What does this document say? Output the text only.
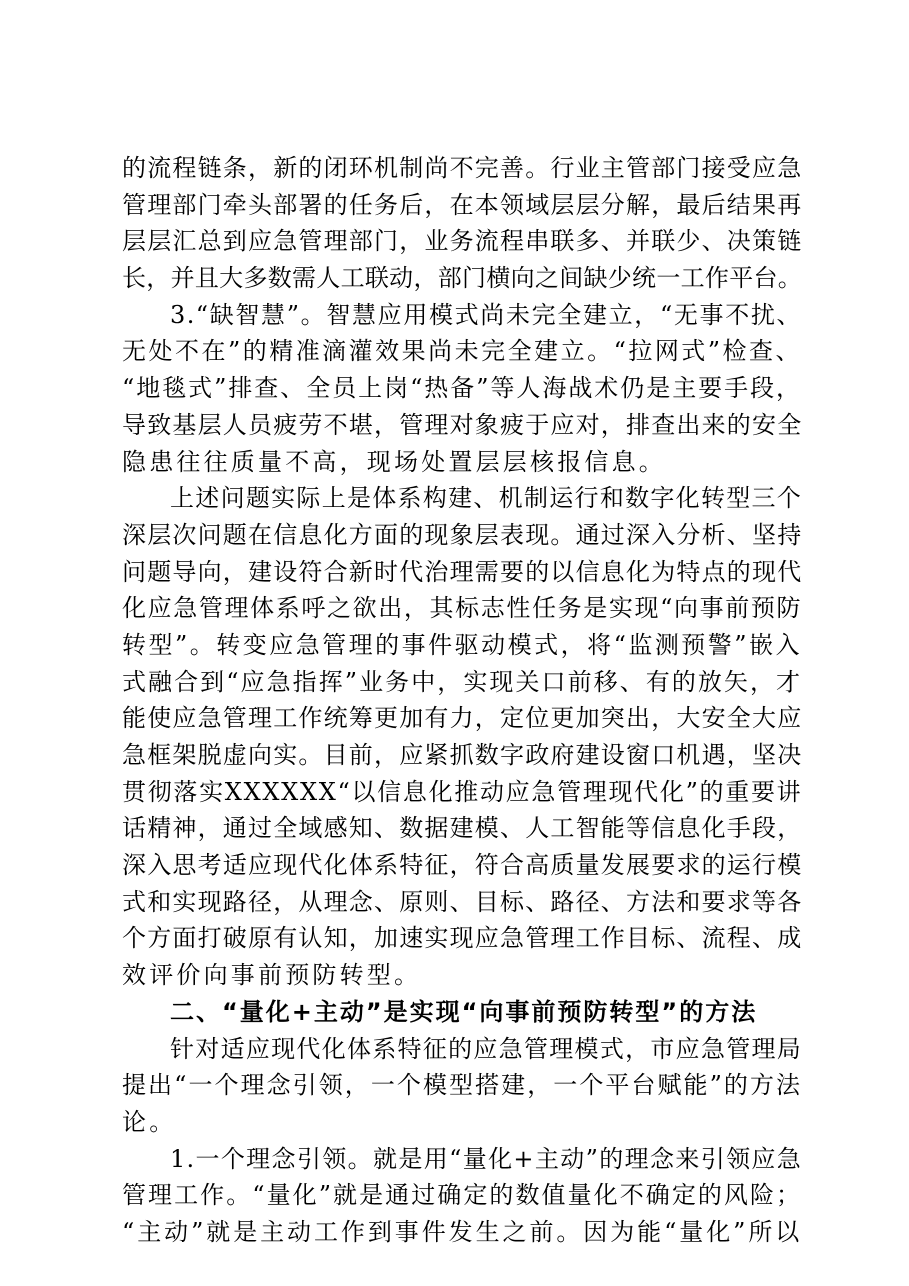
的流程链条，新的闭环机制尚不完善。行业主管部门接受应急
管理部门牵头部署的任务后，在本领域层层分解，最后结果再
层层汇总到应急管理部门，业务流程串联多、并联少、决策链
长，并且大多数需人工联动，部门横向之间缺少统一工作平台。
3.“缺智慧”。智慧应用模式尚未完全建立，“无事不扰、
无处不在”的精准滴灌效果尚未完全建立。“拉网式”检查、
“地毯式”排查、全员上岗“热备”等人海战术仍是主要手段，
导致基层人员疲劳不堪，管理对象疲于应对，排查出来的安全
隐患往往质量不高，现场处置层层核报信息。
上述问题实际上是体系构建、机制运行和数字化转型三个
深层次问题在信息化方面的现象层表现。通过深入分析、坚持
问题导向，建设符合新时代治理需要的以信息化为特点的现代
化应急管理体系呼之欲出，其标志性任务是实现“向事前预防
转型”。转变应急管理的事件驱动模式，将“监测预警”嵌入
式融合到“应急指挥”业务中，实现关口前移、有的放矢，才
能使应急管理工作统筹更加有力，定位更加突出，大安全大应
急框架脱虚向实。目前，应紧抓数字政府建设窗口机遇，坚决
贯彻落实XXXXXX“以信息化推动应急管理现代化”的重要讲
话精神，通过全域感知、数据建模、人工智能等信息化手段，
深入思考适应现代化体系特征，符合高质量发展要求的运行模
式和实现路径，从理念、原则、目标、路径、方法和要求等各
个方面打破原有认知，加速实现应急管理工作目标、流程、成
效评价向事前预防转型。
二、“量化+主动”是实现“向事前预防转型”的方法
针对适应现代化体系特征的应急管理模式，市应急管理局
提出“一个理念引领，一个模型搭建，一个平台赋能”的方法
论。
1.一个理念引领。就是用“量化+主动”的理念来引领应急
管理工作。“量化”就是通过确定的数值量化不确定的风险；
“主动”就是主动工作到事件发生之前。因为能“量化”所以
